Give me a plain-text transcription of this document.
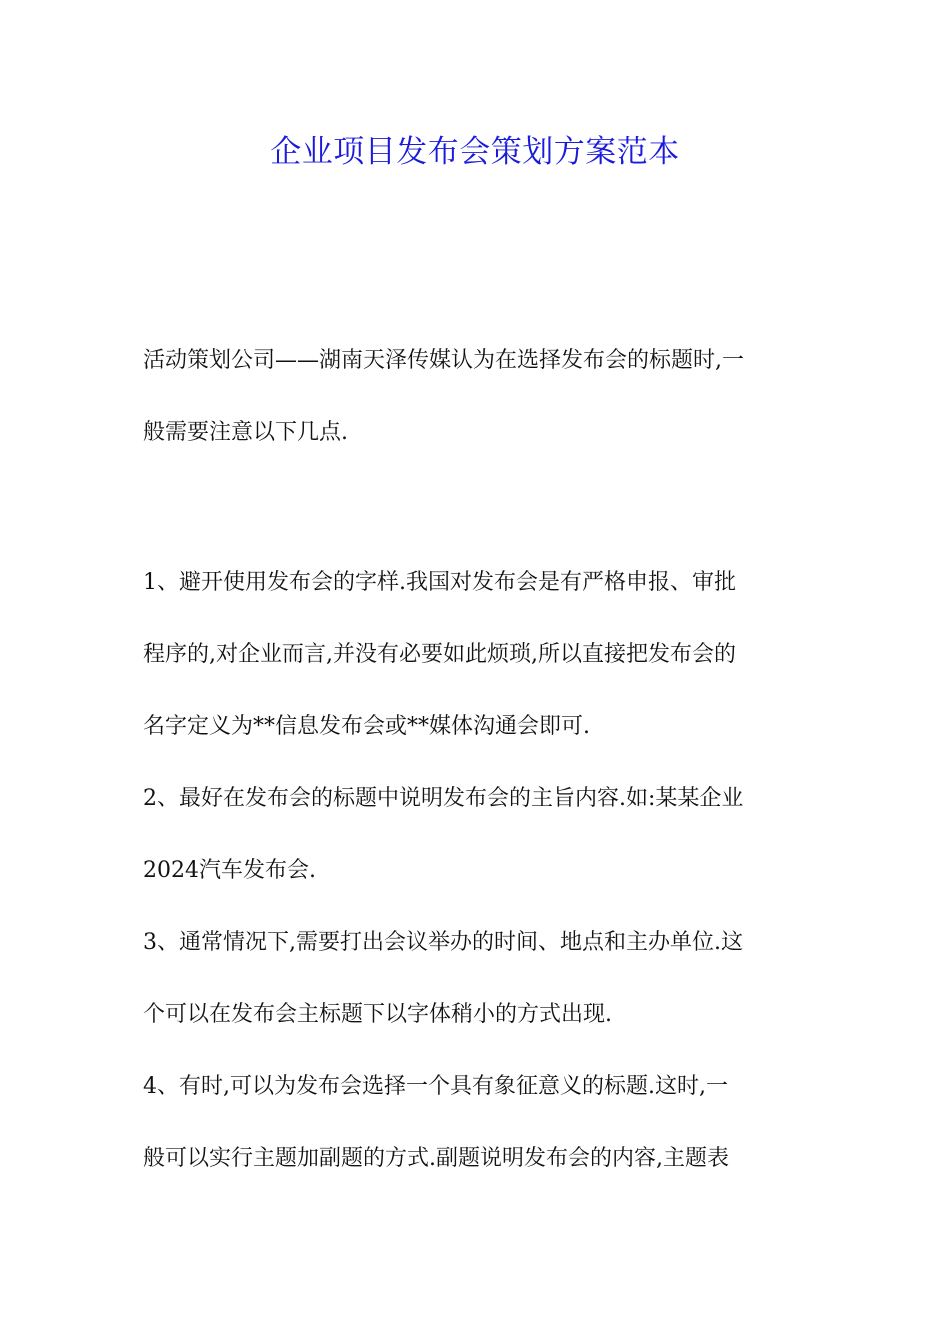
企业项目发布会策划方案范本
活动策划公司——湖南天泽传媒认为在选择发布会的标题时,一
般需要注意以下几点.
1、避开使用发布会的字样.我国对发布会是有严格申报、审批
程序的,对企业而言,并没有必要如此烦琐,所以直接把发布会的
名字定义为**信息发布会或**媒体沟通会即可.
2、最好在发布会的标题中说明发布会的主旨内容.如:某某企业
2024汽车发布会.
3、通常情况下,需要打出会议举办的时间、地点和主办单位.这
个可以在发布会主标题下以字体稍小的方式出现.
4、有时,可以为发布会选择一个具有象征意义的标题.这时,一
般可以实行主题加副题的方式.副题说明发布会的内容,主题表
